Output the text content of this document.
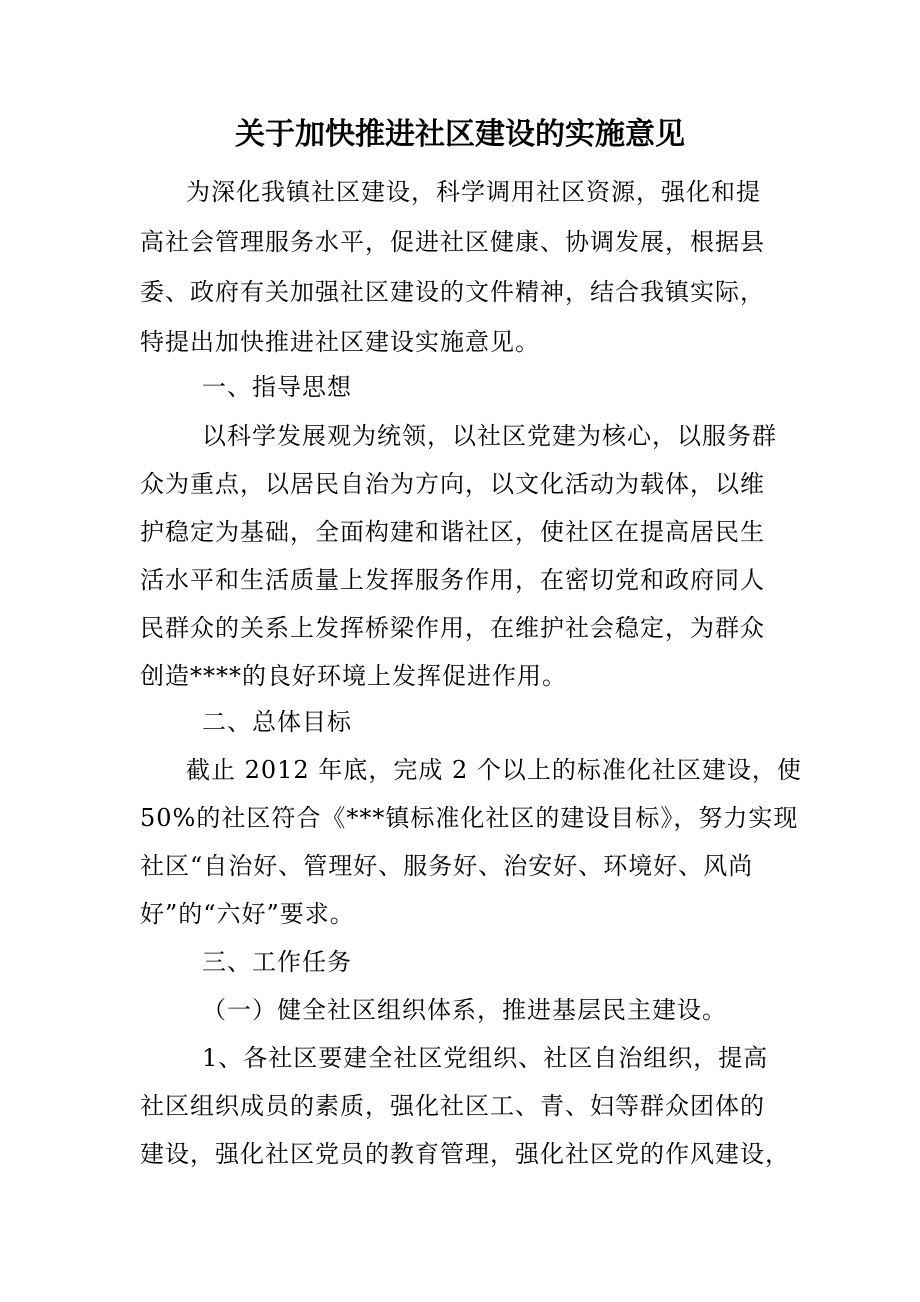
关于加快推进社区建设的实施意见
为深化我镇社区建设，科学调用社区资源，强化和提
高社会管理服务水平，促进社区健康、协调发展，根据县
委、政府有关加强社区建设的文件精神，结合我镇实际，
特提出加快推进社区建设实施意见。
一、指导思想
以科学发展观为统领，以社区党建为核心，以服务群
众为重点，以居民自治为方向，以文化活动为载体，以维
护稳定为基础，全面构建和谐社区，使社区在提高居民生
活水平和生活质量上发挥服务作用，在密切党和政府同人
民群众的关系上发挥桥梁作用，在维护社会稳定，为群众
创造****的良好环境上发挥促进作用。
二、总体目标
截止 2012 年底，完成 2 个以上的标准化社区建设，使
50%的社区符合《***镇标准化社区的建设目标》，努力实现
社区“自治好、管理好、服务好、治安好、环境好、风尚
好”的“六好”要求。
三、工作任务
（一）健全社区组织体系，推进基层民主建设。
1、各社区要建全社区党组织、社区自治组织，提高
社区组织成员的素质，强化社区工、青、妇等群众团体的
建设，强化社区党员的教育管理，强化社区党的作风建设，
